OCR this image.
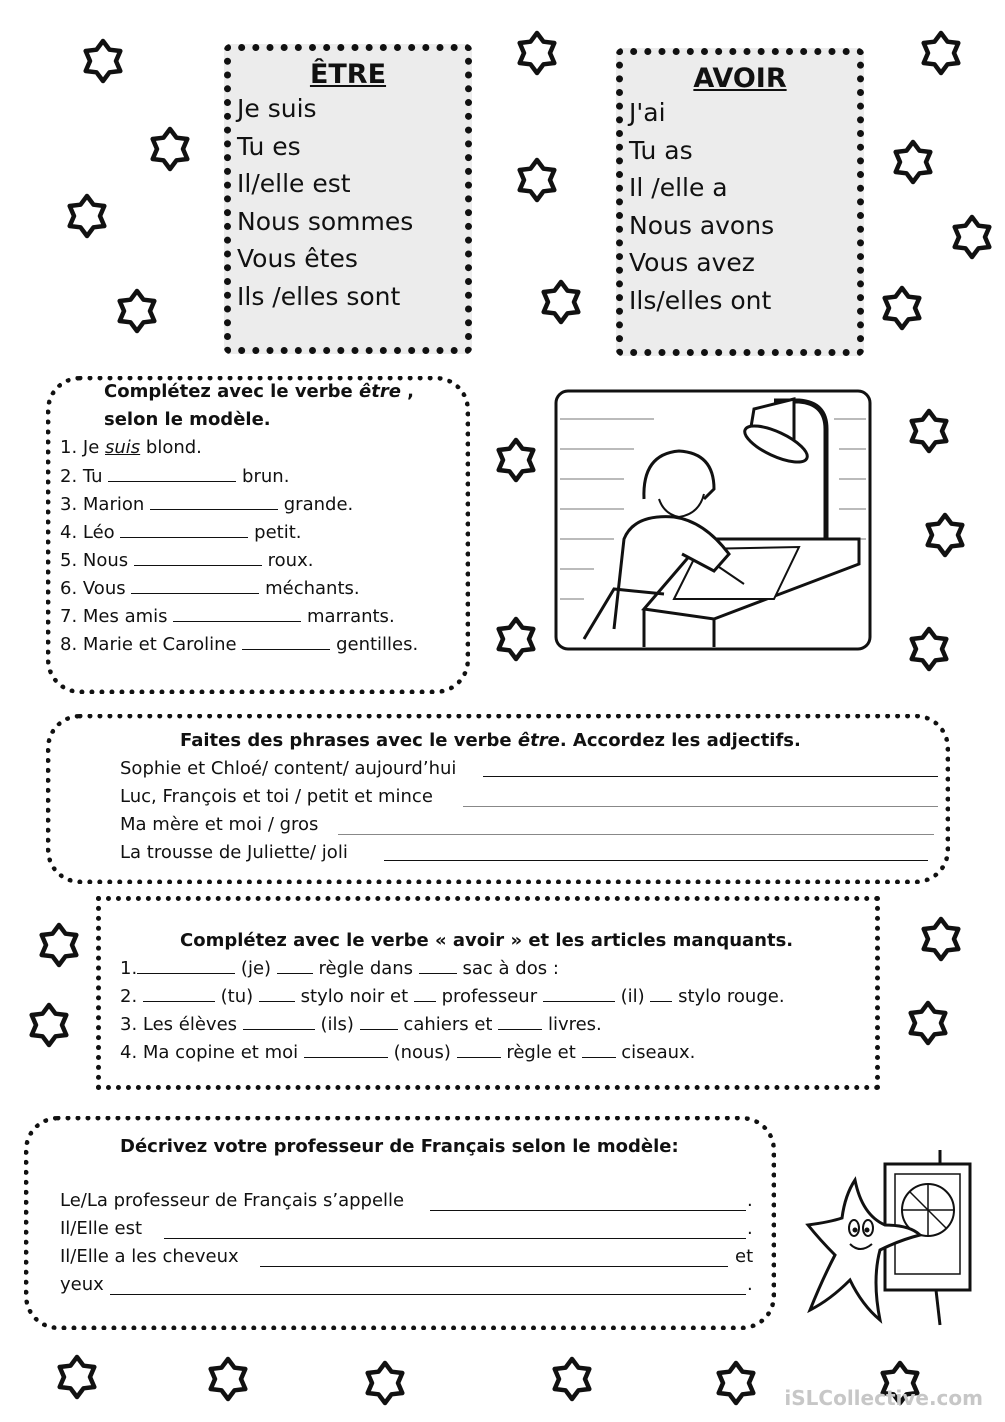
ÊTRE
Je suis
Tu es
Il/elle est
Nous sommes
Vous êtes
Ils /elles sont
AVOIR
J'ai
Tu as
Il /elle a
Nous avons
Vous avez
Ils/elles ont
Complétez avec le verbe être ,
selon le modèle.
1. Je suis blond.
2. Tu	brun.
3. Marion	grande.
4. Léo	petit.
5. Nous	roux.
6. Vous	méchants.
7. Mes amis	marrants.
8. Marie et Caroline	gentilles.
Faites des phrases avec le verbe être. Accordez les adjectifs.
Sophie et Chloé/ content/ aujourd’hui
Luc, François et toi / petit et mince
Ma mère et moi / gros
La trousse de Juliette/ joli
Complétez avec le verbe « avoir » et les articles manquants.
1.	(je)	règle dans	sac à dos :
2.	(tu)	stylo noir et professeur	(il) stylo rouge.
3. Les élèves	(ils)	cahiers et	livres.
4. Ma copine et moi	(nous)	règle et	ciseaux.
Décrivez votre professeur de Français selon le modèle:
Le/La professeur de Français s’appelle	.
Il/Elle est	.
Il/Elle a les cheveux	et
yeux	.
iSLCollective.com
